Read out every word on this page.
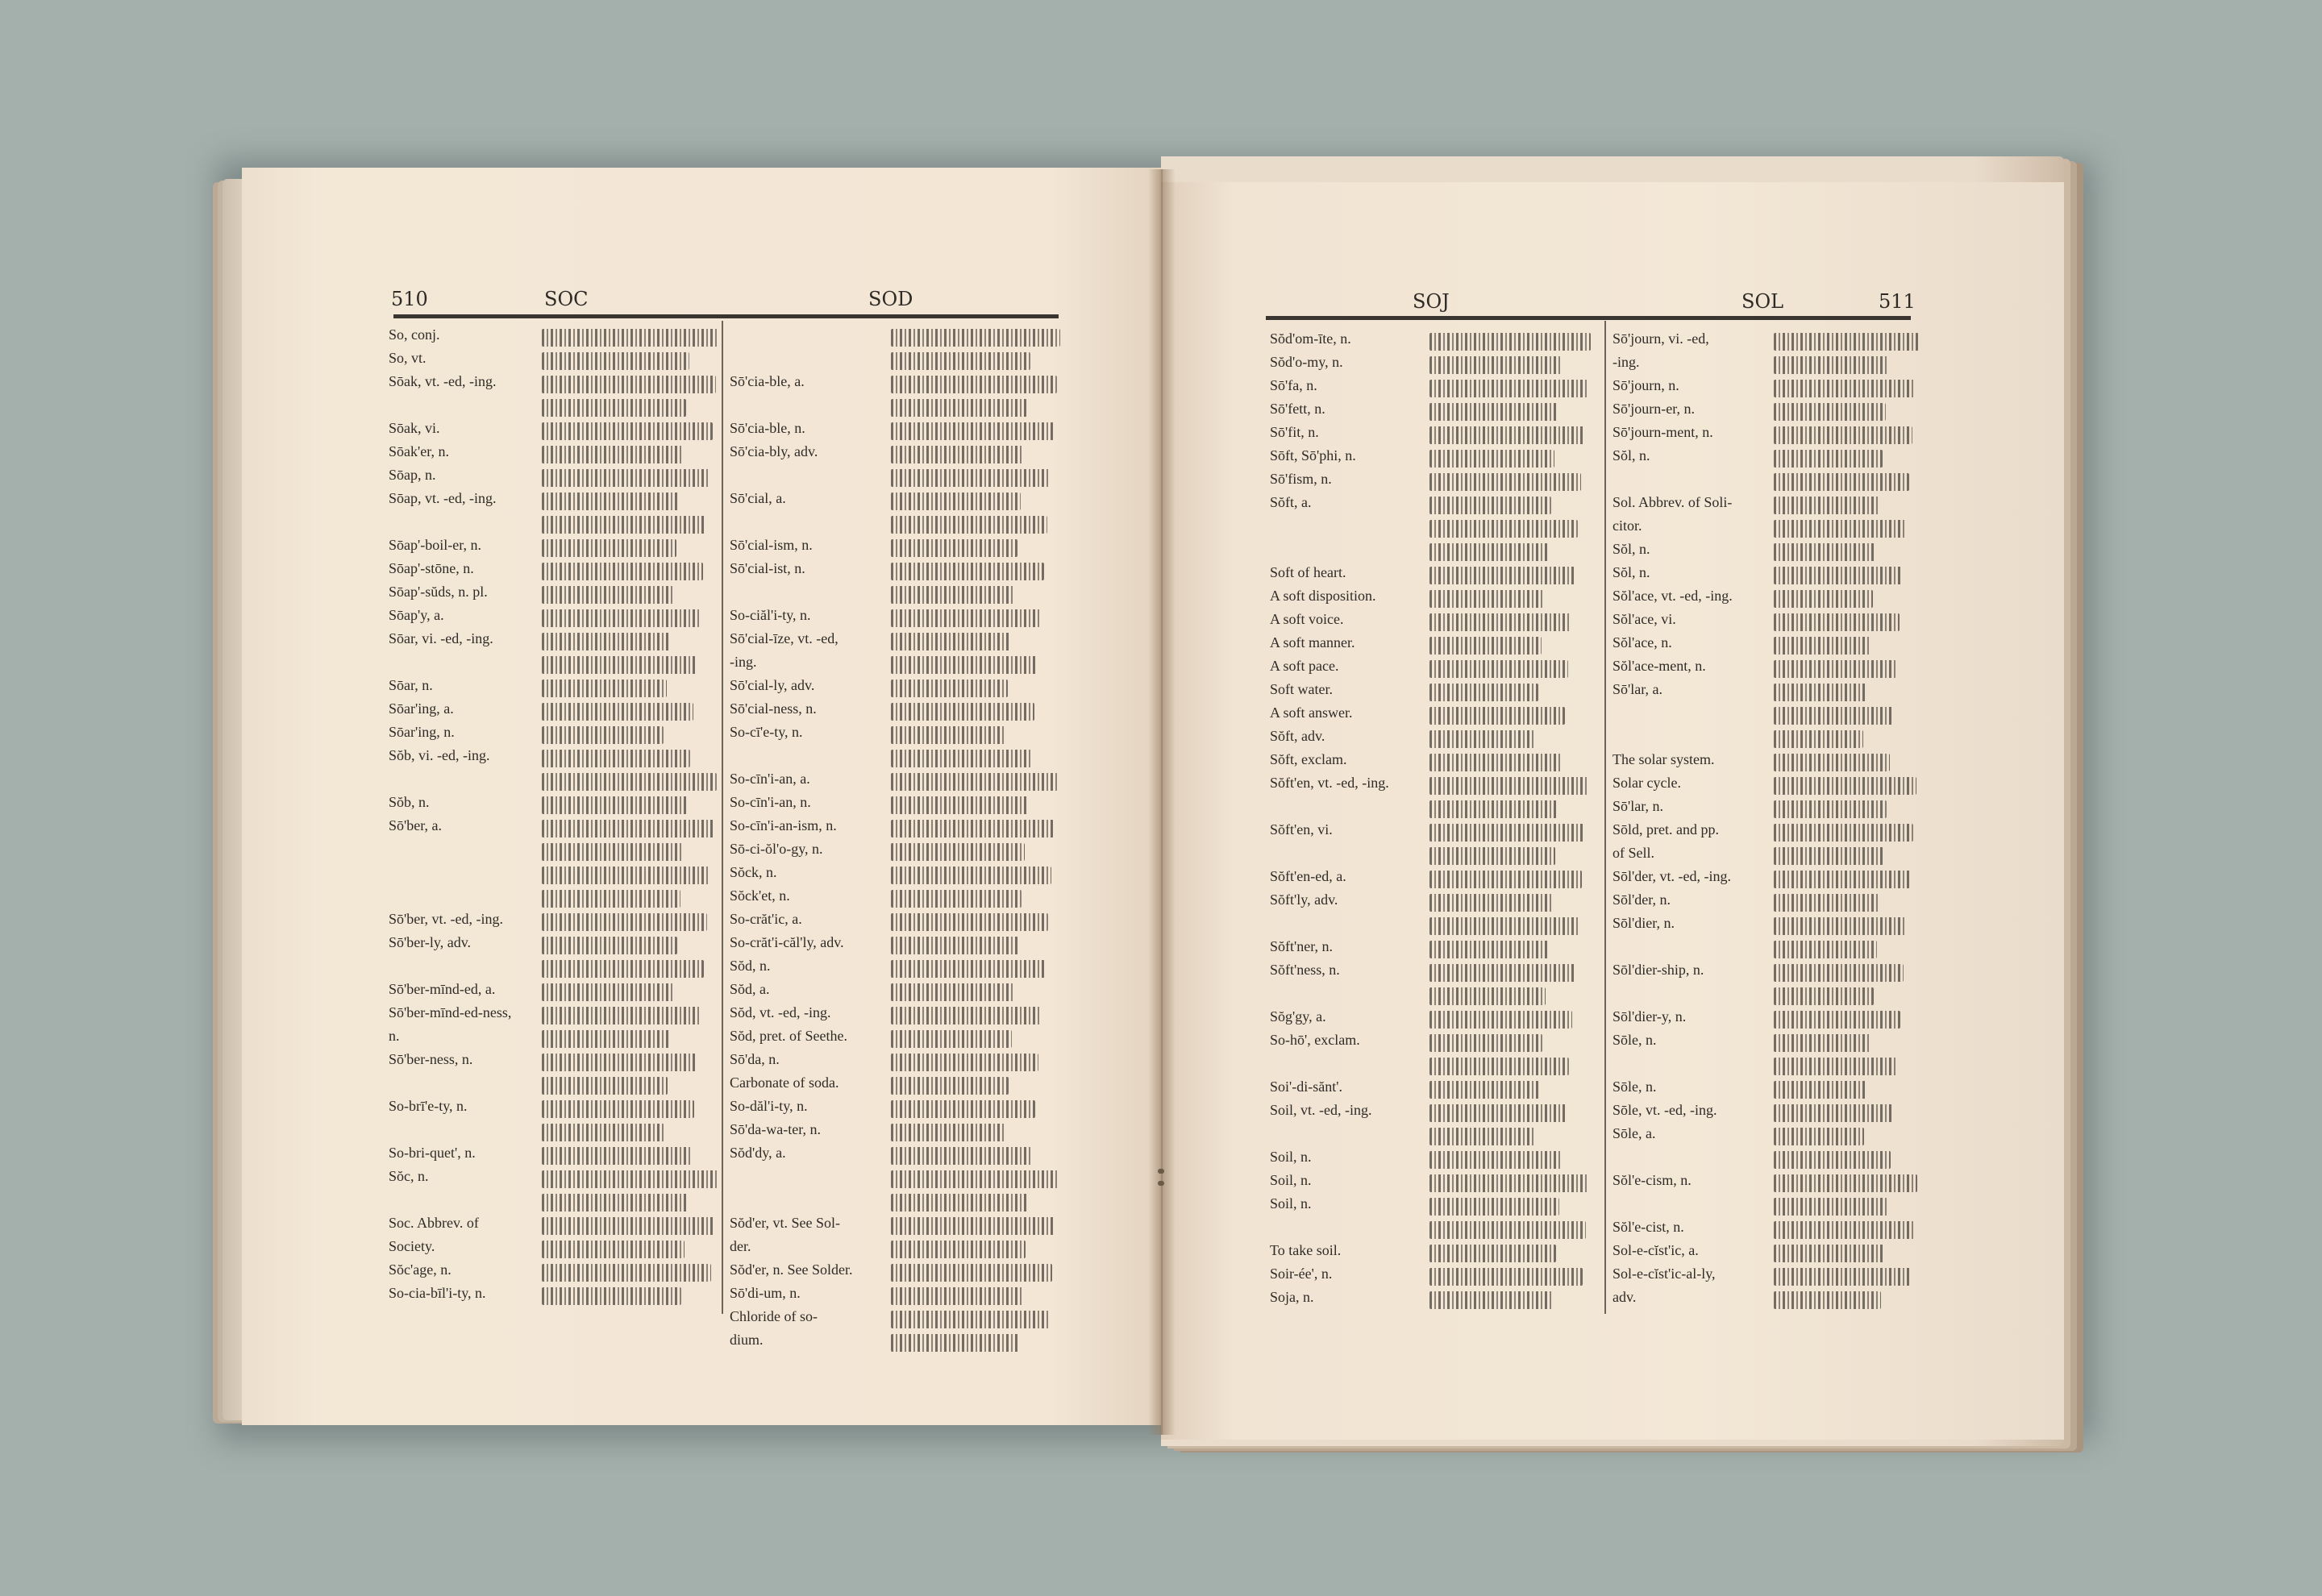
510	SOC	SOD	SOJ	SOL	511
So, conj.
So, vt.
Sōak, vt. -ed, -ing.
Sōak, vi.
Sōak'er, n.
Sōap, n.
Sōap, vt. -ed, -ing.
Sōap'-boil-er, n.
Sōap'-stōne, n.
Sōap'-sŭds, n. pl.
Sōap'y, a.
Sōar, vi. -ed, -ing.
Sōar, n.
Sōar'ing, a.
Sōar'ing, n.
Sŏb, vi. -ed, -ing.
Sŏb, n.
Sō'ber, a.
Sō'ber, vt. -ed, -ing.
Sō'ber-ly, adv.
Sō'ber-mīnd-ed, a.
Sō'ber-mīnd-ed-ness,
n.
Sō'ber-ness, n.
So-brī'e-ty, n.
So-bri-quet', n.
Sŏc, n.
Soc. Abbrev. of
Society.
Sŏc'age, n.
So-cia-bīl'i-ty, n.
Sō'cia-ble, a.
Sō'cia-ble, n.
Sō'cia-bly, adv.
Sō'cial, a.
Sō'cial-ism, n.
Sō'cial-ist, n.
So-ciăl'i-ty, n.
Sō'cial-īze, vt. -ed,
-ing.
Sō'cial-ly, adv.
Sō'cial-ness, n.
So-cī'e-ty, n.
So-cīn'i-an, a.
So-cīn'i-an, n.
So-cīn'i-an-ism, n.
Sō-ci-ŏl'o-gy, n.
Sŏck, n.
Sŏck'et, n.
So-crăt'ic, a.
So-crăt'i-căl'ly, adv.
Sŏd, n.
Sŏd, a.
Sŏd, vt. -ed, -ing.
Sŏd, pret. of Seethe.
Sō'da, n.
Carbonate of soda.
So-dăl'i-ty, n.
Sō'da-wa-ter, n.
Sŏd'dy, a.
Sŏd'er, vt. See Sol-
der.
Sŏd'er, n. See Solder.
Sō'di-um, n.
Chloride of so-
dium.
Sŏd'om-īte, n.
Sŏd'o-my, n.
Sō'fa, n.
Sō'fett, n.
Sō'fit, n.
Sōft, Sō'phi, n.
Sō'fism, n.
Sŏft, a.
Soft of heart.
A soft disposition.
A soft voice.
A soft manner.
A soft pace.
Soft water.
A soft answer.
Sŏft, adv.
Sŏft, exclam.
Sŏft'en, vt. -ed, -ing.
Sŏft'en, vi.
Sŏft'en-ed, a.
Sŏft'ly, adv.
Sŏft'ner, n.
Sŏft'ness, n.
Sŏg'gy, a.
So-hō', exclam.
Soi'-di-sănt'.
Soil, vt. -ed, -ing.
Soil, n.
Soil, n.
Soil, n.
To take soil.
Soir-ée', n.
Soja, n.
Sō'journ, vi. -ed,
-ing.
Sō'journ, n.
Sō'journ-er, n.
Sō'journ-ment, n.
Sŏl, n.
Sol. Abbrev. of Soli-
citor.
Sŏl, n.
Sŏl, n.
Sŏl'ace, vt. -ed, -ing.
Sŏl'ace, vi.
Sŏl'ace, n.
Sŏl'ace-ment, n.
Sō'lar, a.
The solar system.
Solar cycle.
Sō'lar, n.
Sōld, pret. and pp.
of Sell.
Sōl'der, vt. -ed, -ing.
Sōl'der, n.
Sōl'dier, n.
Sōl'dier-ship, n.
Sōl'dier-y, n.
Sōle, n.
Sōle, n.
Sōle, vt. -ed, -ing.
Sōle, a.
Sŏl'e-cism, n.
Sŏl'e-cist, n.
Sol-e-cĭst'ic, a.
Sol-e-cĭst'ic-al-ly,
adv.
